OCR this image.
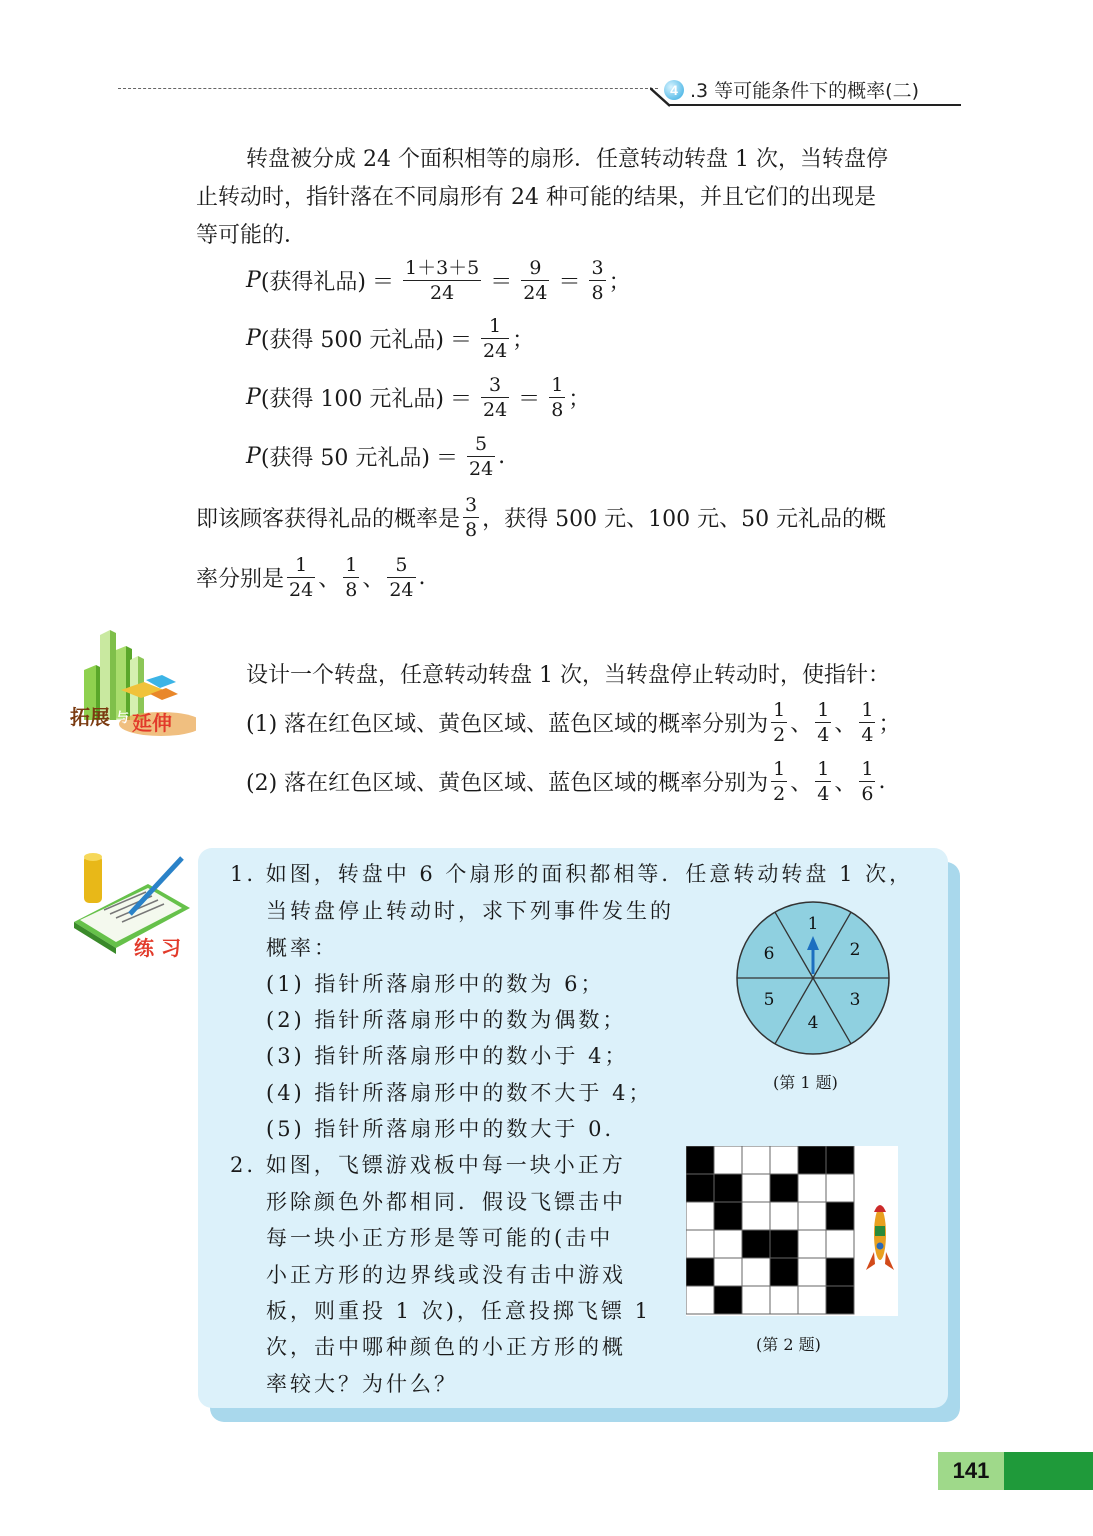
4 .3 等可能条件下的概率(二)
转盘被分成 24 个面积相等的扇形．任意转动转盘 1 次，当转盘停
止转动时，指针落在不同扇形有 24 种可能的结果，并且它们的出现是
等可能的．
P (获得礼品) ＝ $\frac{1+3+5}{24} = \frac{9}{24} = \frac{3}{8}$ ；
P (获得 500 元礼品) ＝ $\frac{1}{24}$ ；
P (获得 100 元礼品) ＝ $\frac{3}{24} = \frac{1}{8}$ ；
P (获得 50 元礼品) ＝ $\frac{5}{24}$ .
即该顾客获得礼品的概率是 $\frac{3}{8}$ ，获得 500 元、100 元、50 元礼品的概
率分别是 $\frac{1}{24}$ 、 $\frac{1}{8}$ 、 $\frac{5}{24}$ .
拓展 与 延伸
设计一个转盘，任意转动转盘 1 次，当转盘停止转动时，使指针：
(1) 落在红色区域、黄色区域、蓝色区域的概率分别为 $\frac{1}{2}$ 、 $\frac{1}{4}$ 、 $\frac{1}{4}$ ；
(2) 落在红色区域、黄色区域、蓝色区域的概率分别为 $\frac{1}{2}$ 、 $\frac{1}{4}$ 、 $\frac{1}{6}$ .
练 习
1. 如图，转盘中 6 个扇形的面积都相等．任意转动转盘 1 次，
当转盘停止转动时，求下列事件发生的
概率：
(1) 指针所落扇形中的数为 6；
(2) 指针所落扇形中的数为偶数；
(3) 指针所落扇形中的数小于 4；
(4) 指针所落扇形中的数不大于 4；
(5) 指针所落扇形中的数大于 0．
1
2
3
4
5
6
(第 1 题)
2. 如图，飞镖游戏板中每一块小正方
形除颜色外都相同．假设飞镖击中
每一块小正方形是等可能的(击中
小正方形的边界线或没有击中游戏
板，则重投 1 次)，任意投掷飞镖 1
次，击中哪种颜色的小正方形的概
率较大？为什么？
(第 2 题)
141
